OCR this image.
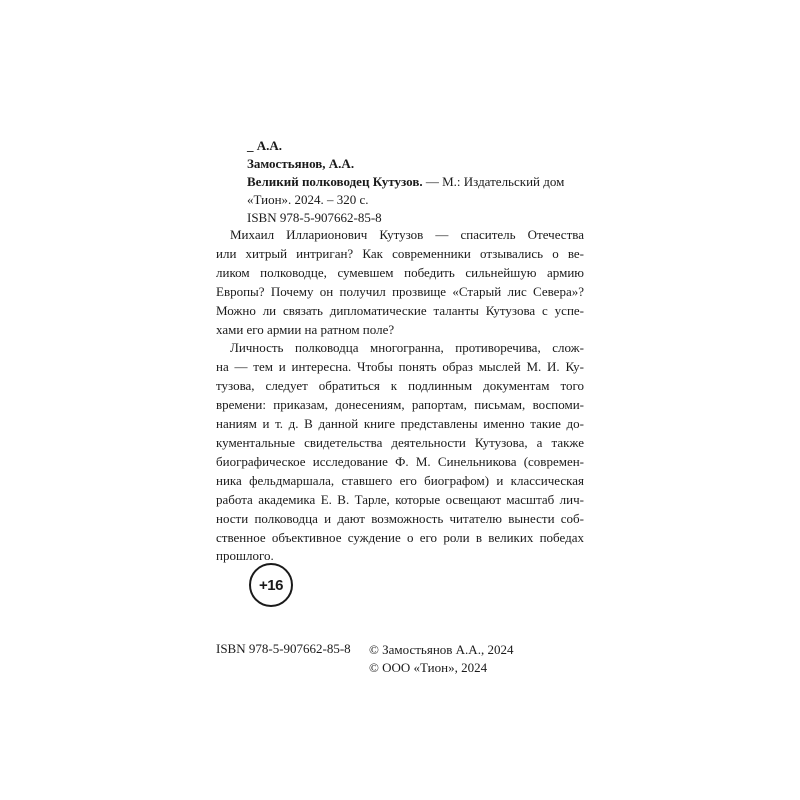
_ А.А.
Замостьянов, А.А.
Великий полководец Кутузов. — М.: Издательский дом
«Тион». 2024. – 320 с.
ISBN 978-5-907662-85-8

Михаил Илларионович Кутузов — спаситель Отечества
или хитрый интриган? Как современники отзывались о ве-
ликом полководце, сумевшем победить сильнейшую армию
Европы? Почему он получил прозвище «Старый лис Севера»?
Можно ли связать дипломатические таланты Кутузова с успе-
хами его армии на ратном поле?

Личность полководца многогранна, противоречива, слож-
на — тем и интересна. Чтобы понять образ мыслей М. И. Ку-
тузова, следует обратиться к подлинным документам того
времени: приказам, донесениям, рапортам, письмам, воспоми-
наниям и т. д. В данной книге представлены именно такие до-
кументальные свидетельства деятельности Кутузова, а также
биографическое исследование Ф. М. Синельникова (современ-
ника фельдмаршала, ставшего его биографом) и классическая
работа академика Е. В. Тарле, которые освещают масштаб лич-
ности полководца и дают возможность читателю вынести соб-
ственное объективное суждение о его роли в великих победах
прошлого.

+16
ISBN 978-5-907662-85-8 © Замостьянов А.А., 2024
© ООО «Тион», 2024
